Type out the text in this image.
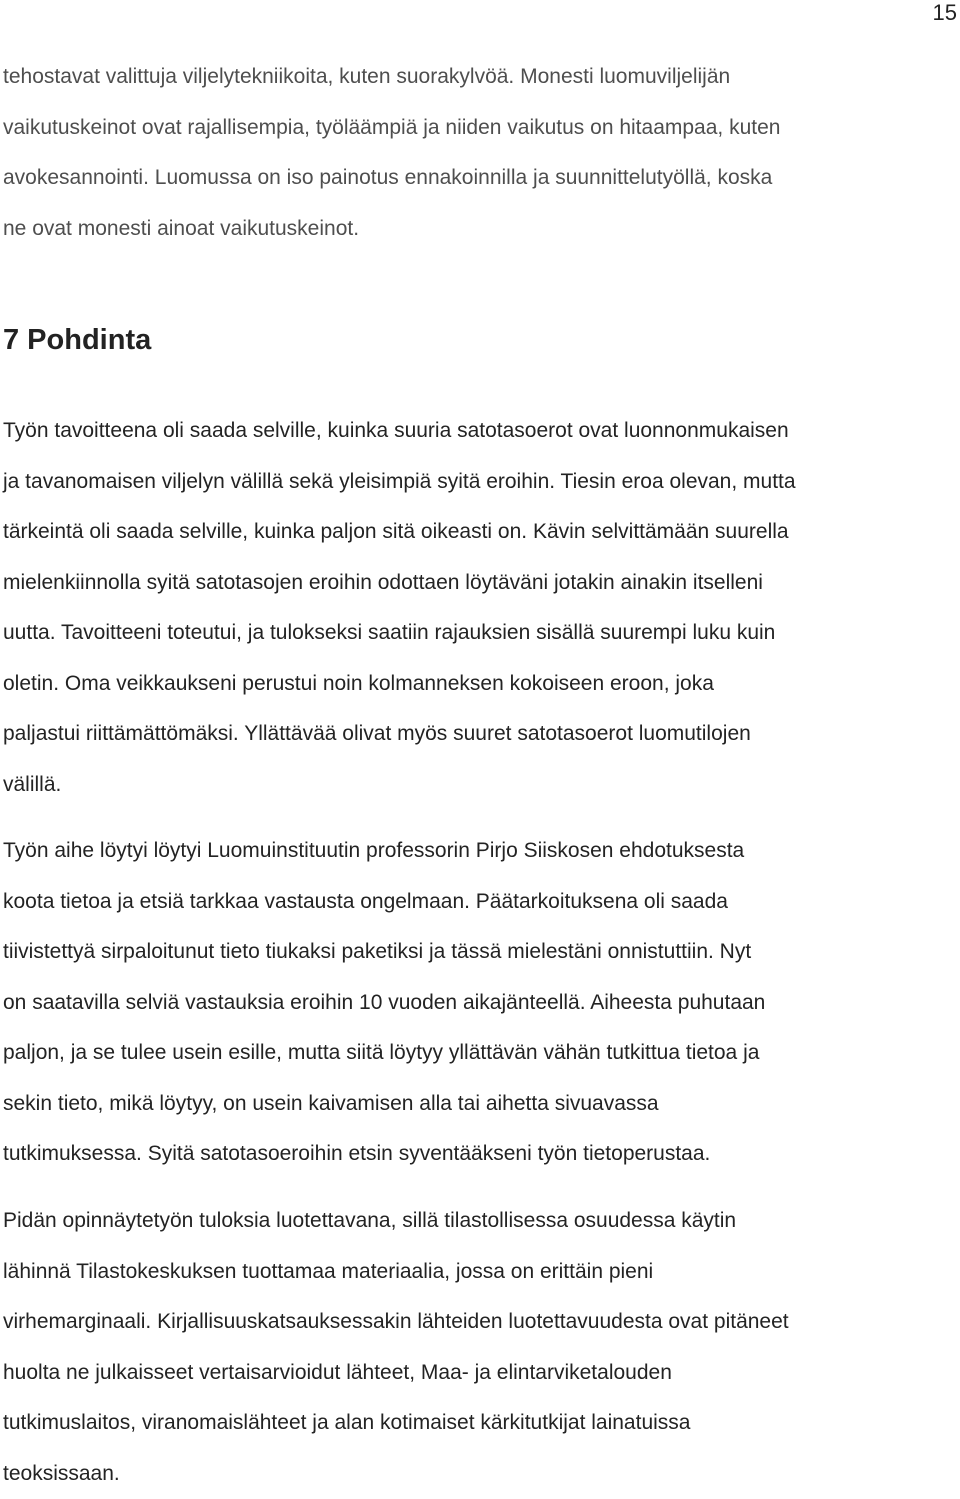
15

tehostavat valittuja viljelytekniikoita, kuten suorakylvöä. Monesti luomuviljelijän
vaikutuskeinot ovat rajallisempia, työläämpiä ja niiden vaikutus on hitaampaa, kuten
avokesannointi. Luomussa on iso painotus ennakoinnilla ja suunnittelutyöllä, koska
ne ovat monesti ainoat vaikutuskeinot.

7 Pohdinta

Työn tavoitteena oli saada selville, kuinka suuria satotasoerot ovat luonnonmukaisen
ja tavanomaisen viljelyn välillä sekä yleisimpiä syitä eroihin. Tiesin eroa olevan, mutta
tärkeintä oli saada selville, kuinka paljon sitä oikeasti on. Kävin selvittämään suurella
mielenkiinnolla syitä satotasojen eroihin odottaen löytäväni jotakin ainakin itselleni
uutta. Tavoitteeni toteutui, ja tulokseksi saatiin rajauksien sisällä suurempi luku kuin
oletin. Oma veikkaukseni perustui noin kolmanneksen kokoiseen eroon, joka
paljastui riittämättömäksi. Yllättävää olivat myös suuret satotasoerot luomutilojen
välillä.

Työn aihe löytyi löytyi Luomuinstituutin professorin Pirjo Siiskosen ehdotuksesta
koota tietoa ja etsiä tarkkaa vastausta ongelmaan. Päätarkoituksena oli saada
tiivistettyä sirpaloitunut tieto tiukaksi paketiksi ja tässä mielestäni onnistuttiin. Nyt
on saatavilla selviä vastauksia eroihin 10 vuoden aikajänteellä. Aiheesta puhutaan
paljon, ja se tulee usein esille, mutta siitä löytyy yllättävän vähän tutkittua tietoa ja
sekin tieto, mikä löytyy, on usein kaivamisen alla tai aihetta sivuavassa
tutkimuksessa. Syitä satotasoeroihin etsin syventääkseni työn tietoperustaa.

Pidän opinnäytetyön tuloksia luotettavana, sillä tilastollisessa osuudessa käytin
lähinnä Tilastokeskuksen tuottamaa materiaalia, jossa on erittäin pieni
virhemarginaali. Kirjallisuuskatsauksessakin lähteiden luotettavuudesta ovat pitäneet
huolta ne julkaisseet vertaisarvioidut lähteet, Maa- ja elintarviketalouden
tutkimuslaitos, viranomaislähteet ja alan kotimaiset kärkitutkijat lainatuissa
teoksissaan.
